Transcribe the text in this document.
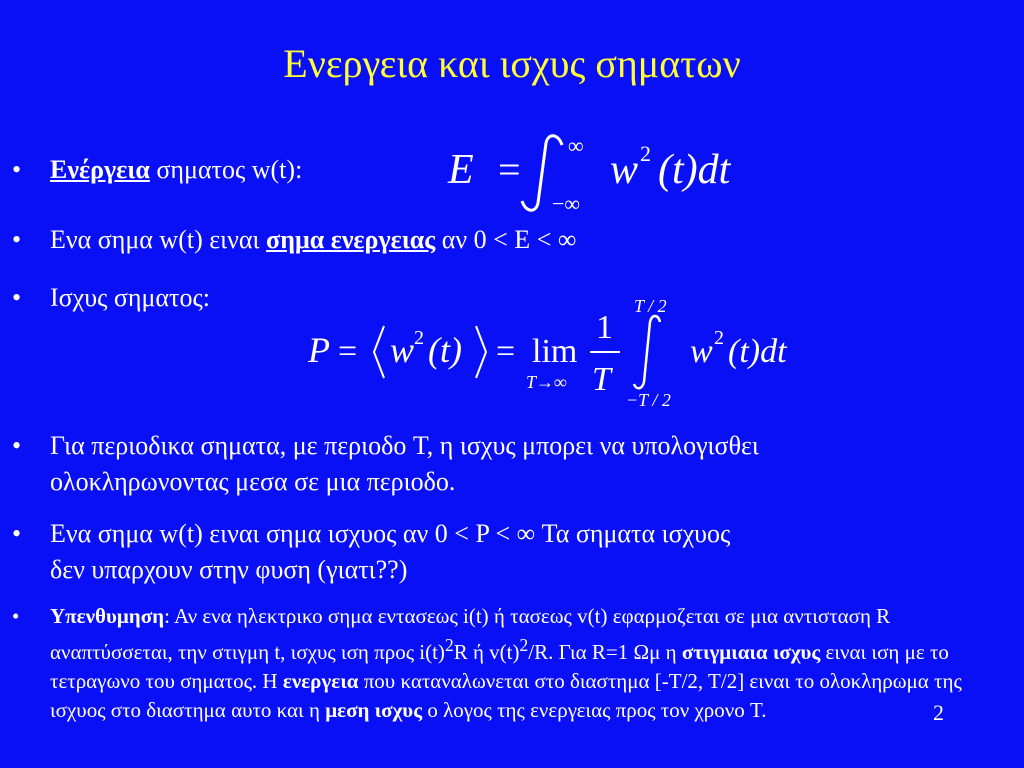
Ενεργεια και ισχυς σηματων
• Ενέργεια σηματος w(t):	E =
∞
−∞
w 2 (t)dt
• Ενα σημα w(t) ειναι σημα ενεργειας αν 0 < E < ∞
• Ισχυς σηματος:
P = w 2 (t) = lim
T→∞
1
T
T / 2
−T / 2
w 2 (t)dt
• Για περιοδικα σηματα, με περιοδο T, η ισχυς μπορει να υπολογισθει
ολοκληρωνοντας μεσα σε μια περιοδο.
• Ενα σημα w(t) ειναι σημα ισχυος αν 0 < P < ∞ Τα σηματα ισχυος
δεν υπαρχουν στην φυση (γιατι??)
• Υπενθυμηση: Αν ενα ηλεκτρικο σημα εντασεως i(t) ή τασεως v(t) εφαρμοζεται σε μια αντισταση R αναπτύσσεται, την στιγμη t, ισχυς ιση προς $i(t)^2R$ ή $v(t)^2/R$. Για R=1 Ωμ η στιγμιαια ισχυς ειναι ιση με το τετραγωνο του σηματος. Η ενεργεια που καταναλωνεται στο διαστημα [-T/2, T/2] ειναι το ολοκληρωμα της ισχυος στο διαστημα αυτο και η μεση ισχυς ο λογος της ενεργειας προς τον χρονο T.	2
